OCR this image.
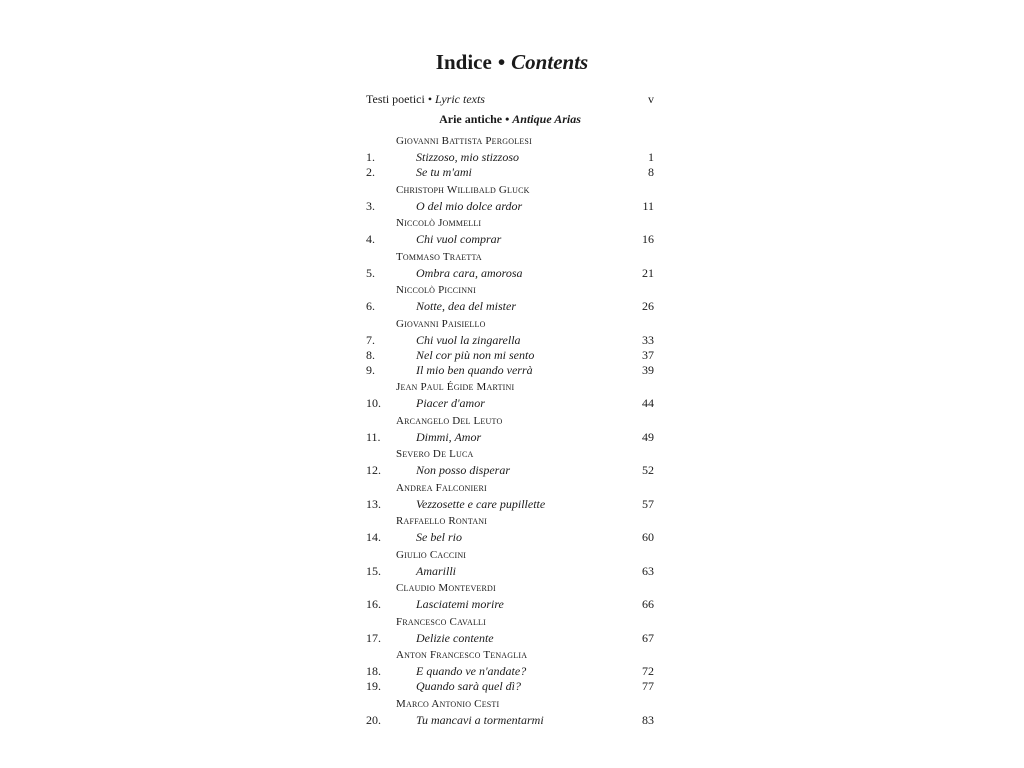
Indice • Contents
Testi poetici • Lyric texts	v
Arie antiche • Antique Arias
Giovanni Battista Pergolesi
1.	Stizzoso, mio stizzoso	1
2.	Se tu m'ami	8
Christoph Willibald Gluck
3.	O del mio dolce ardor	11
Niccolò Jommelli
4.	Chi vuol comprar	16
Tommaso Traetta
5.	Ombra cara, amorosa	21
Niccolò Piccinni
6.	Notte, dea del mister	26
Giovanni Paisiello
7.	Chi vuol la zingarella	33
8.	Nel cor più non mi sento	37
9.	Il mio ben quando verrà	39
Jean Paul Égide Martini
10.	Piacer d'amor	44
Arcangelo Del Leuto
11.	Dimmi, Amor	49
Severo De Luca
12.	Non posso disperar	52
Andrea Falconieri
13.	Vezzosette e care pupillette	57
Raffaello Rontani
14.	Se bel rio	60
Giulio Caccini
15.	Amarilli	63
Claudio Monteverdi
16.	Lasciatemi morire	66
Francesco Cavalli
17.	Delizie contente	67
Anton Francesco Tenaglia
18.	E quando ve n'andate?	72
19.	Quando sarà quel dì?	77
Marco Antonio Cesti
20.	Tu mancavi a tormentarmi	83
